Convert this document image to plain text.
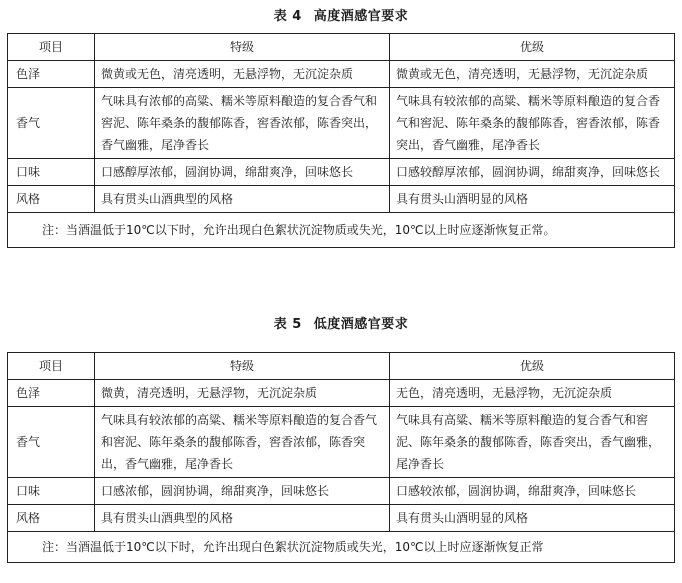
表 4 高度酒感官要求
项目	特级	优级
色泽	微黄或无色，清亮透明，无悬浮物，无沉淀杂质	微黄或无色，清亮透明，无悬浮物，无沉淀杂质
香气	气味具有浓郁的高粱、糯米等原料酿造的复合香气和窖泥、陈年桑条的馥郁陈香，窖香浓郁，陈香突出，香气幽雅，尾净香长	气味具有较浓郁的高粱、糯米等原料酿造的复合香气和窖泥、陈年桑条的馥郁陈香，窖香浓郁，陈香突出，香气幽雅，尾净香长
口味	口感醇厚浓郁，圆润协调，绵甜爽净，回味悠长	口感较醇厚浓郁，圆润协调，绵甜爽净，回味悠长
风格	具有贯头山酒典型的风格	具有贯头山酒明显的风格
注：当酒温低于10℃以下时，允许出现白色絮状沉淀物质或失光，10℃以上时应逐渐恢复正常。		
表 5 低度酒感官要求
项目	特级	优级
色泽	微黄，清亮透明，无悬浮物，无沉淀杂质	无色，清亮透明，无悬浮物，无沉淀杂质
香气	气味具有较浓郁的高粱、糯米等原料酿造的复合香气和窖泥、陈年桑条的馥郁陈香，窖香浓郁，陈香突出，香气幽雅，尾净香长	气味具有高粱、糯米等原料酿造的复合香气和窖泥、陈年桑条的馥郁陈香，陈香突出，香气幽雅，尾净香长
口味	口感浓郁，圆润协调，绵甜爽净，回味悠长	口感较浓郁，圆润协调，绵甜爽净，回味悠长
风格	具有贯头山酒典型的风格	具有贯头山酒明显的风格
注：当酒温低于10℃以下时，允许出现白色絮状沉淀物质或失光，10℃以上时应逐渐恢复正常		
